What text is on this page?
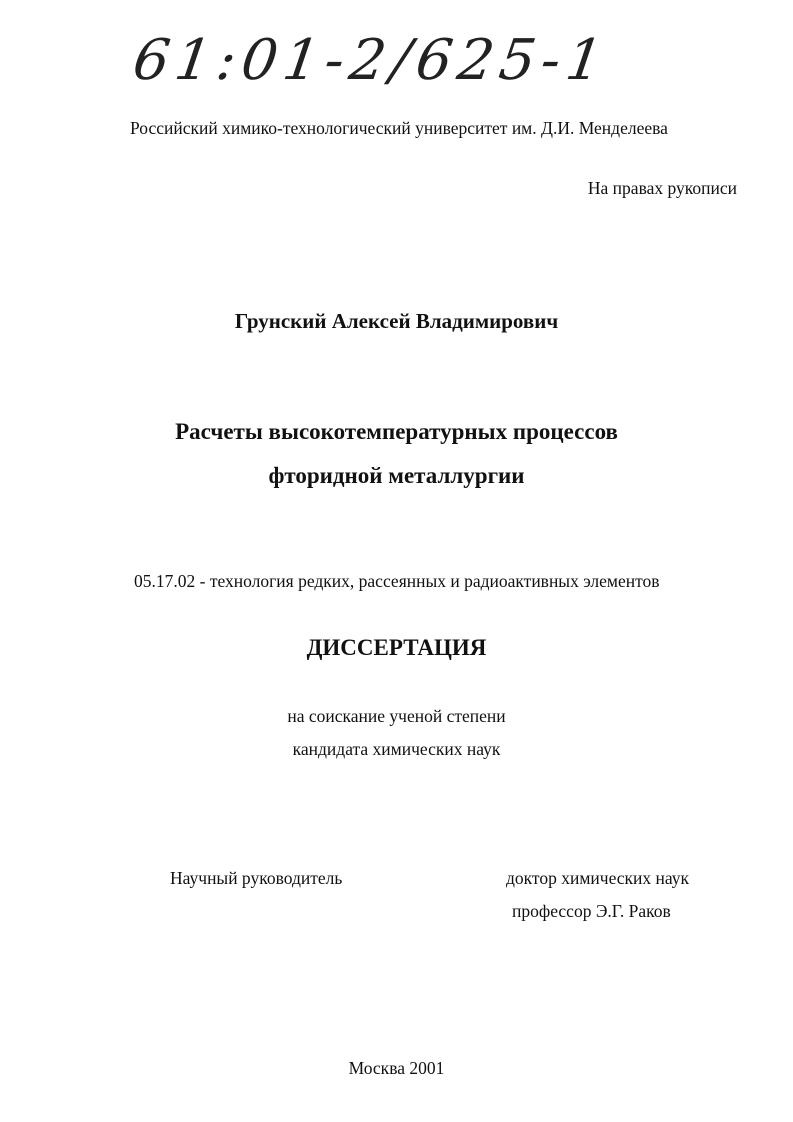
61:01-2/625-1
Российский химико-технологический университет им. Д.И. Менделеева
На правах рукописи
Грунский Алексей Владимирович
Расчеты высокотемпературных процессов
фторидной металлургии
05.17.02 - технология редких, рассеянных и радиоактивных элементов
ДИССЕРТАЦИЯ
на соискание ученой степени
кандидата химических наук
Научный руководитель	доктор химических наук
профессор Э.Г. Раков
Москва 2001
